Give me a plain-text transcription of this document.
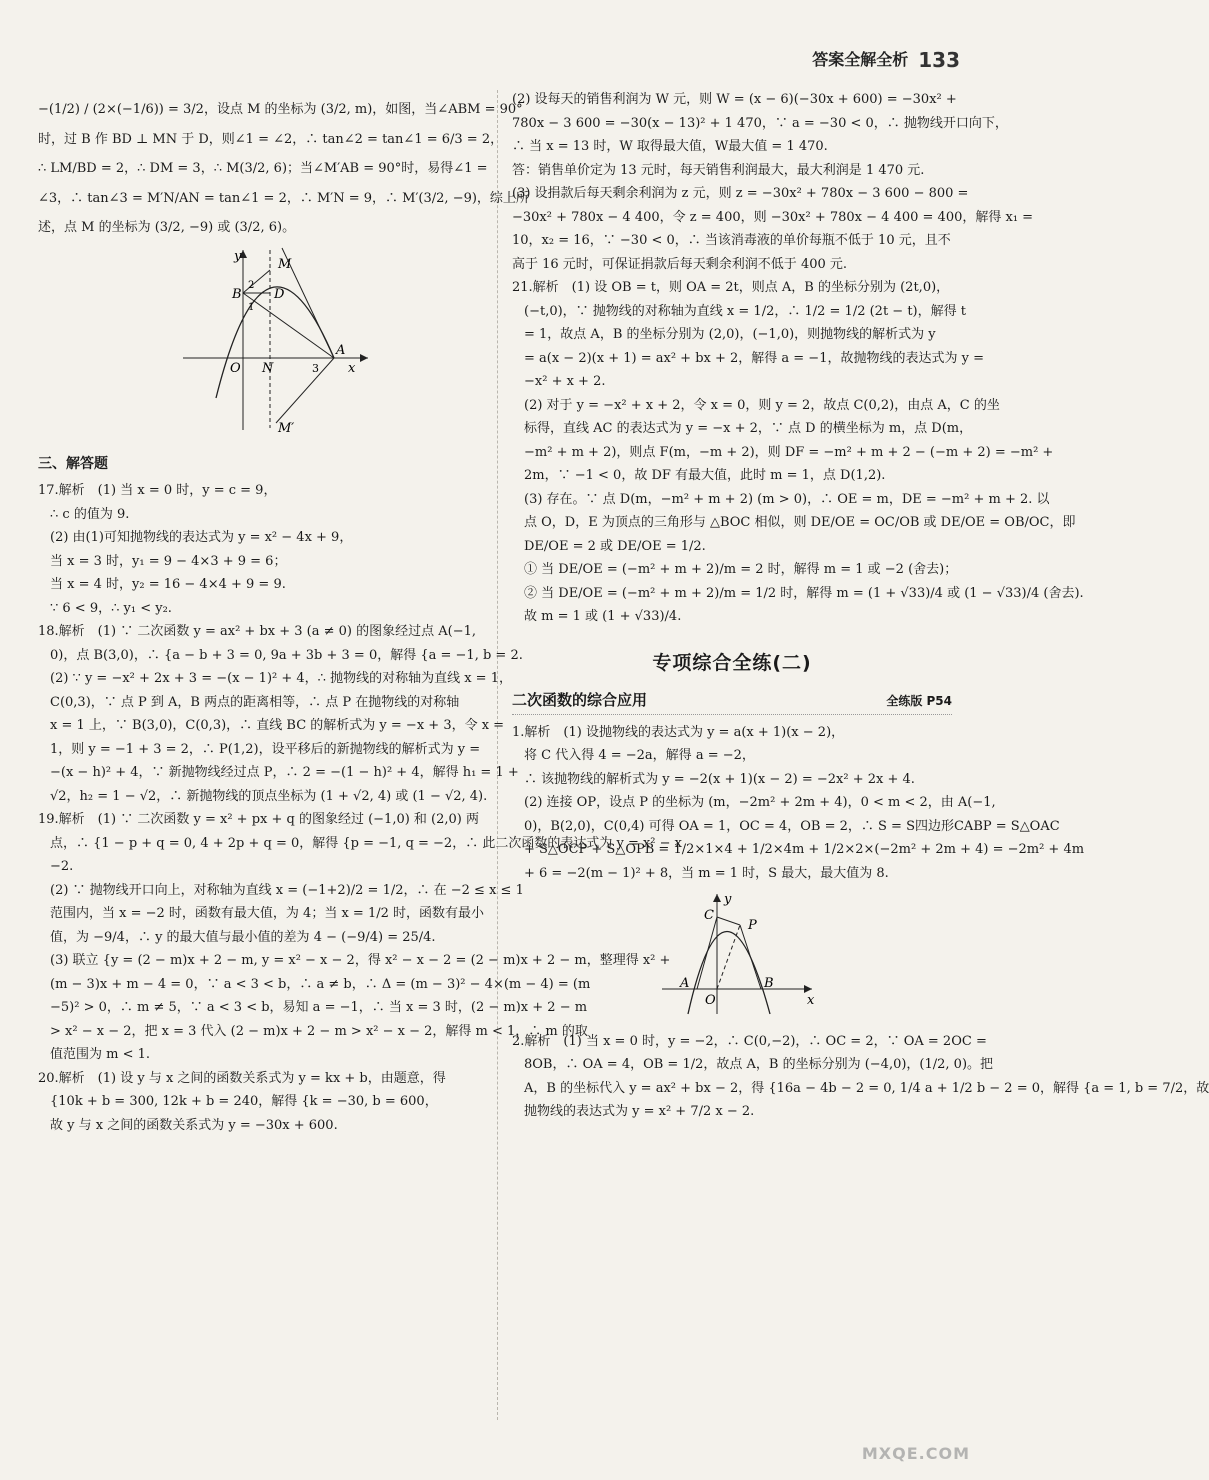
答案全解全析 133
−(1/2) / (2×(−1/6)) = 3/2，设点 M 的坐标为 (3/2, m)，如图，当∠ABM = 90°
时，过 B 作 BD ⊥ MN 于 D，则∠1 = ∠2，∴ tan∠2 = tan∠1 = 6/3 = 2，
∴ LM/BD = 2，∴ DM = 3，∴ M(3/2, 6)；当∠M′AB = 90°时，易得∠1 =
∠3，∴ tan∠3 = M′N/AN = tan∠1 = 2，∴ M′N = 9，∴ M′(3/2, −9)，综上所
述，点 M 的坐标为 (3/2, −9) 或 (3/2, 6)。
y
x
M
B D
2
1
O N	3
A
M′
三、解答题
17.解析　(1) 当 x = 0 时，y = c = 9，
∴ c 的值为 9.
(2) 由(1)可知抛物线的表达式为 y = x² − 4x + 9，
当 x = 3 时，y₁ = 9 − 4×3 + 9 = 6；
当 x = 4 时，y₂ = 16 − 4×4 + 9 = 9.
∵ 6 < 9，∴ y₁ < y₂.
18.解析　(1) ∵ 二次函数 y = ax² + bx + 3 (a ≠ 0) 的图象经过点 A(−1,
0)，点 B(3,0)，∴ {a − b + 3 = 0, 9a + 3b + 3 = 0，解得 {a = −1, b = 2.
(2) ∵ y = −x² + 2x + 3 = −(x − 1)² + 4，∴ 抛物线的对称轴为直线 x = 1，
C(0,3)，∵ 点 P 到 A，B 两点的距离相等，∴ 点 P 在抛物线的对称轴
x = 1 上，∵ B(3,0)，C(0,3)，∴ 直线 BC 的解析式为 y = −x + 3，令 x =
1，则 y = −1 + 3 = 2，∴ P(1,2)，设平移后的新抛物线的解析式为 y =
−(x − h)² + 4，∵ 新抛物线经过点 P，∴ 2 = −(1 − h)² + 4，解得 h₁ = 1 +
√2，h₂ = 1 − √2，∴ 新抛物线的顶点坐标为 (1 + √2, 4) 或 (1 − √2, 4).
19.解析　(1) ∵ 二次函数 y = x² + px + q 的图象经过 (−1,0) 和 (2,0) 两
点，∴ {1 − p + q = 0, 4 + 2p + q = 0，解得 {p = −1, q = −2，∴ 此二次函数的表达式为 y = x² − x
−2.
(2) ∵ 抛物线开口向上，对称轴为直线 x = (−1+2)/2 = 1/2，∴ 在 −2 ≤ x ≤ 1
范围内，当 x = −2 时，函数有最大值，为 4；当 x = 1/2 时，函数有最小
值，为 −9/4，∴ y 的最大值与最小值的差为 4 − (−9/4) = 25/4.
(3) 联立 {y = (2 − m)x + 2 − m, y = x² − x − 2，得 x² − x − 2 = (2 − m)x + 2 − m，整理得 x² +
(m − 3)x + m − 4 = 0，∵ a < 3 < b，∴ a ≠ b，∴ Δ = (m − 3)² − 4×(m − 4) = (m
−5)² > 0，∴ m ≠ 5，∵ a < 3 < b，易知 a = −1，∴ 当 x = 3 时，(2 − m)x + 2 − m
> x² − x − 2，把 x = 3 代入 (2 − m)x + 2 − m > x² − x − 2，解得 m < 1，∴ m 的取
值范围为 m < 1.
20.解析　(1) 设 y 与 x 之间的函数关系式为 y = kx + b，由题意，得
{10k + b = 300, 12k + b = 240，解得 {k = −30, b = 600，
故 y 与 x 之间的函数关系式为 y = −30x + 600.
(2) 设每天的销售利润为 W 元，则 W = (x − 6)(−30x + 600) = −30x² +
780x − 3 600 = −30(x − 13)² + 1 470，∵ a = −30 < 0，∴ 抛物线开口向下，
∴ 当 x = 13 时，W 取得最大值，W最大值 = 1 470.
答：销售单价定为 13 元时，每天销售利润最大，最大利润是 1 470 元.
(3) 设捐款后每天剩余利润为 z 元，则 z = −30x² + 780x − 3 600 − 800 =
−30x² + 780x − 4 400，令 z = 400，则 −30x² + 780x − 4 400 = 400，解得 x₁ =
10，x₂ = 16，∵ −30 < 0，∴ 当该消毒液的单价每瓶不低于 10 元，且不
高于 16 元时，可保证捐款后每天剩余利润不低于 400 元.
21.解析　(1) 设 OB = t，则 OA = 2t，则点 A，B 的坐标分别为 (2t,0)，
(−t,0)，∵ 抛物线的对称轴为直线 x = 1/2，∴ 1/2 = 1/2 (2t − t)，解得 t
= 1，故点 A，B 的坐标分别为 (2,0)，(−1,0)，则抛物线的解析式为 y
= a(x − 2)(x + 1) = ax² + bx + 2，解得 a = −1，故抛物线的表达式为 y =
−x² + x + 2.
(2) 对于 y = −x² + x + 2，令 x = 0，则 y = 2，故点 C(0,2)，由点 A，C 的坐
标得，直线 AC 的表达式为 y = −x + 2，∵ 点 D 的横坐标为 m，点 D(m，
−m² + m + 2)，则点 F(m，−m + 2)，则 DF = −m² + m + 2 − (−m + 2) = −m² +
2m，∵ −1 < 0，故 DF 有最大值，此时 m = 1，点 D(1,2).
(3) 存在。∵ 点 D(m，−m² + m + 2) (m > 0)，∴ OE = m，DE = −m² + m + 2. 以
点 O，D，E 为顶点的三角形与 △BOC 相似，则 DE/OE = OC/OB 或 DE/OE = OB/OC，即
DE/OE = 2 或 DE/OE = 1/2.
① 当 DE/OE = (−m² + m + 2)/m = 2 时，解得 m = 1 或 −2 (舍去)；
② 当 DE/OE = (−m² + m + 2)/m = 1/2 时，解得 m = (1 + √33)/4 或 (1 − √33)/4 (舍去).
故 m = 1 或 (1 + √33)/4.
专项综合全练(二)
二次函数的综合应用	全练版 P54
1.解析　(1) 设抛物线的表达式为 y = a(x + 1)(x − 2)，
将 C 代入得 4 = −2a，解得 a = −2，
∴ 该抛物线的解析式为 y = −2(x + 1)(x − 2) = −2x² + 2x + 4.
(2) 连接 OP，设点 P 的坐标为 (m，−2m² + 2m + 4)，0 < m < 2，由 A(−1,
0)，B(2,0)，C(0,4) 可得 OA = 1，OC = 4，OB = 2，∴ S = S四边形CABP = S△OAC
+ S△OCP + S△OPB = 1/2×1×4 + 1/2×4m + 1/2×2×(−2m² + 2m + 4) = −2m² + 4m
+ 6 = −2(m − 1)² + 8，当 m = 1 时，S 最大，最大值为 8.
y
x
C
P
A
O
B
2.解析　(1) 当 x = 0 时，y = −2，∴ C(0,−2)，∴ OC = 2，∵ OA = 2OC =
8OB，∴ OA = 4，OB = 1/2，故点 A，B 的坐标分别为 (−4,0)，(1/2, 0)。把
A，B 的坐标代入 y = ax² + bx − 2，得 {16a − 4b − 2 = 0, 1/4 a + 1/2 b − 2 = 0，解得 {a = 1, b = 7/2，故
抛物线的表达式为 y = x² + 7/2 x − 2.
MXQE.COM
